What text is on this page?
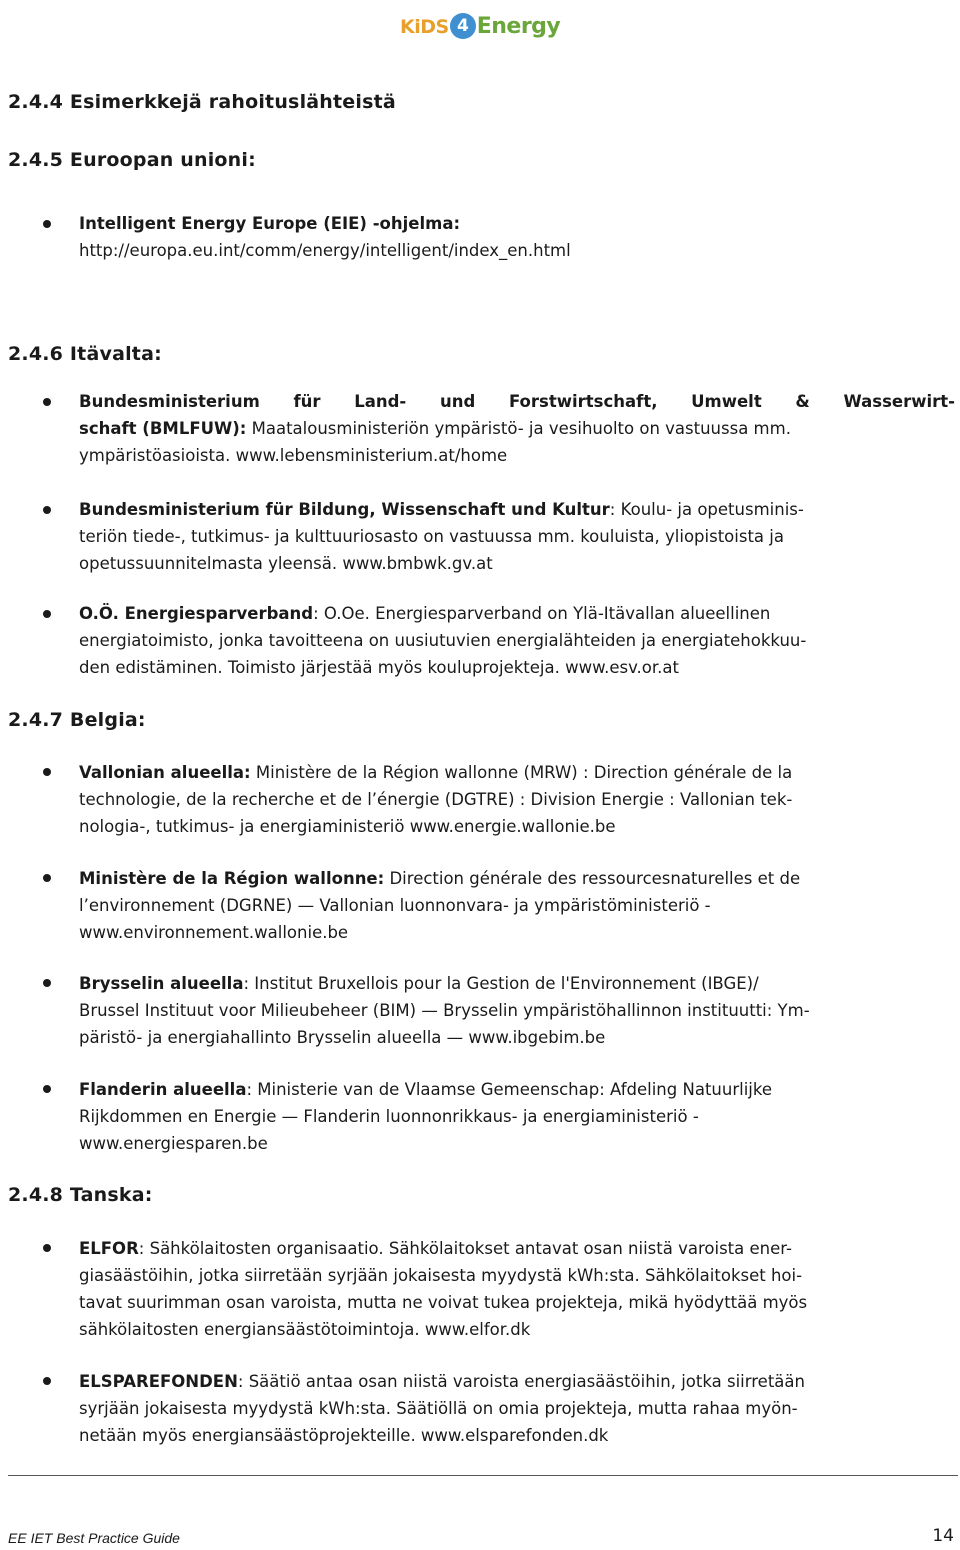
KiDS 4 Energy
2.4.4 Esimerkkejä rahoituslähteistä
2.4.5 Euroopan unioni:
Intelligent Energy Europe (EIE) -ohjelma:
http://europa.eu.int/comm/energy/intelligent/index_en.html
2.4.6 Itävalta:
Bundesministerium für Land- und Forstwirtschaft, Umwelt & Wasserwirt-
schaft (BMLFUW): Maatalousministeriön ympäristö- ja vesihuolto on vastuussa mm.
ympäristöasioista. www.lebensministerium.at/home
Bundesministerium für Bildung, Wissenschaft und Kultur: Koulu- ja opetusminis-
teriön tiede-, tutkimus- ja kulttuuriosasto on vastuussa mm. kouluista, yliopistoista ja
opetussuunnitelmasta yleensä. www.bmbwk.gv.at
O.Ö. Energiesparverband: O.Oe. Energiesparverband on Ylä-Itävallan alueellinen
energiatoimisto, jonka tavoitteena on uusiutuvien energialähteiden ja energiatehokkuu-
den edistäminen. Toimisto järjestää myös kouluprojekteja. www.esv.or.at
2.4.7 Belgia:
Vallonian alueella: Ministère de la Région wallonne (MRW) : Direction générale de la
technologie, de la recherche et de l’énergie (DGTRE) : Division Energie : Vallonian tek-
nologia-, tutkimus- ja energiaministeriö www.energie.wallonie.be
Ministère de la Région wallonne: Direction générale des ressourcesnaturelles et de
l’environnement (DGRNE) — Vallonian luonnonvara- ja ympäristöministeriö -
www.environnement.wallonie.be
Brysselin alueella: Institut Bruxellois pour la Gestion de l'Environnement (IBGE)/
Brussel Instituut voor Milieubeheer (BIM) — Brysselin ympäristöhallinnon instituutti: Ym-
päristö- ja energiahallinto Brysselin alueella — www.ibgebim.be
Flanderin alueella: Ministerie van de Vlaamse Gemeenschap: Afdeling Natuurlijke
Rijkdommen en Energie — Flanderin luonnonrikkaus- ja energiaministeriö -
www.energiesparen.be
2.4.8 Tanska:
ELFOR: Sähkölaitosten organisaatio. Sähkölaitokset antavat osan niistä varoista ener-
giasäästöihin, jotka siirretään syrjään jokaisesta myydystä kWh:sta. Sähkölaitokset hoi-
tavat suurimman osan varoista, mutta ne voivat tukea projekteja, mikä hyödyttää myös
sähkölaitosten energiansäästötoimintoja. www.elfor.dk
ELSPAREFONDEN: Säätiö antaa osan niistä varoista energiasäästöihin, jotka siirretään
syrjään jokaisesta myydystä kWh:sta. Säätiöllä on omia projekteja, mutta rahaa myön-
netään myös energiansäästöprojekteille. www.elsparefonden.dk
EE IET Best Practice Guide	14
